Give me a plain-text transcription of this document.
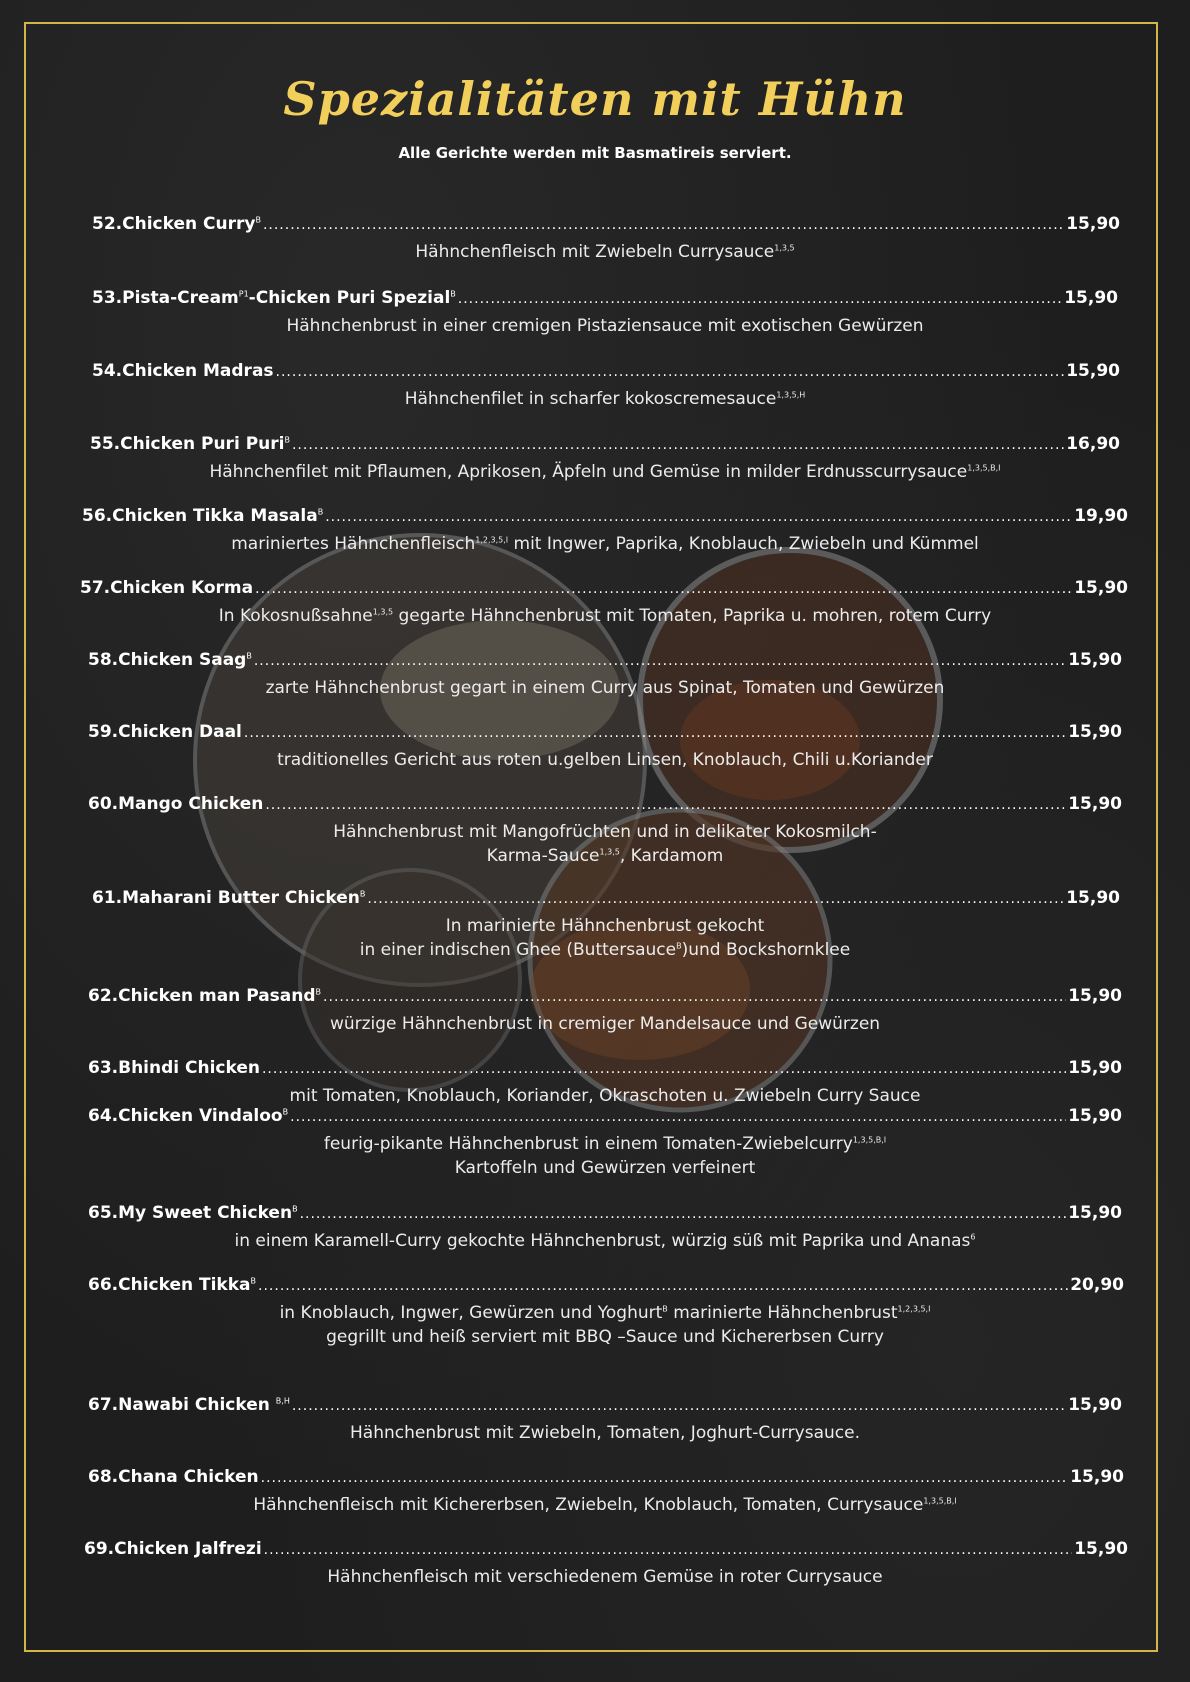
Spezialitäten mit Hühn
Alle Gerichte werden mit Basmatireis serviert.
52.Chicken Curry$^B$ .....	15,90
Hähnchenfleisch mit Zwiebeln Currysauce$^{1,3,5}$
53.Pista-Cream$^{P1}$-Chicken Puri Spezial$^B$ .....	15,90
Hähnchenbrust in einer cremigen Pistaziensauce mit exotischen Gewürzen
54.Chicken Madras .....	15,90
Hähnchenfilet in scharfer kokoscremesauce$^{1,3,5,H}$
55.Chicken Puri Puri$^B$ .....	16,90
Hähnchenfilet mit Pflaumen, Aprikosen, Äpfeln und Gemüse in milder Erdnusscurrysauce$^{1,3,5,B,I}$
56.Chicken Tikka Masala$^B$ .....	19,90
mariniertes Hähnchenfleisch$^{1,2,3,5,I}$ mit Ingwer, Paprika, Knoblauch, Zwiebeln und Kümmel
57.Chicken Korma .....	15,90
In Kokosnußsahne$^{1,3,5}$ gegarte Hähnchenbrust mit Tomaten, Paprika u. mohren, rotem Curry
58.Chicken Saag$^B$ .....	15,90
zarte Hähnchenbrust gegart in einem Curry aus Spinat, Tomaten und Gewürzen
59.Chicken Daal .....	15,90
traditionelles Gericht aus roten u.gelben Linsen, Knoblauch, Chili u.Koriander
60.Mango Chicken .....	15,90
Hähnchenbrust mit Mangofrüchten und in delikater Kokosmilch-
Karma-Sauce$^{1,3,5}$, Kardamom
61.Maharani Butter Chicken$^B$ .....	15,90
In marinierte Hähnchenbrust gekocht
in einer indischen Ghee (Buttersauce$^B$)und Bockshornklee
62.Chicken man Pasand$^B$ .....	15,90
würzige Hähnchenbrust in cremiger Mandelsauce und Gewürzen
63.Bhindi Chicken .....	15,90
mit Tomaten, Knoblauch, Koriander, Okraschoten u. Zwiebeln Curry Sauce
64.Chicken Vindaloo$^B$ .....	15,90
feurig-pikante Hähnchenbrust in einem Tomaten-Zwiebelcurry$^{1,3,5,B,I}$
Kartoffeln und Gewürzen verfeinert
65.My Sweet Chicken$^B$ .....	15,90
in einem Karamell-Curry gekochte Hähnchenbrust, würzig süß mit Paprika und Ananas$^6$
66.Chicken Tikka$^B$ .....	20,90
in Knoblauch, Ingwer, Gewürzen und Yoghurt$^B$ marinierte Hähnchenbrust$^{1,2,3,5,I}$
gegrillt und heiß serviert mit BBQ –Sauce und Kichererbsen Curry
67.Nawabi Chicken $^{B,H}$ .....	15,90
Hähnchenbrust mit Zwiebeln, Tomaten, Joghurt-Currysauce.
68.Chana Chicken .....	15,90
Hähnchenfleisch mit Kichererbsen, Zwiebeln, Knoblauch, Tomaten, Currysauce$^{1,3,5,B,I}$
69.Chicken Jalfrezi .....	15,90
Hähnchenfleisch mit verschiedenem Gemüse in roter Currysauce
